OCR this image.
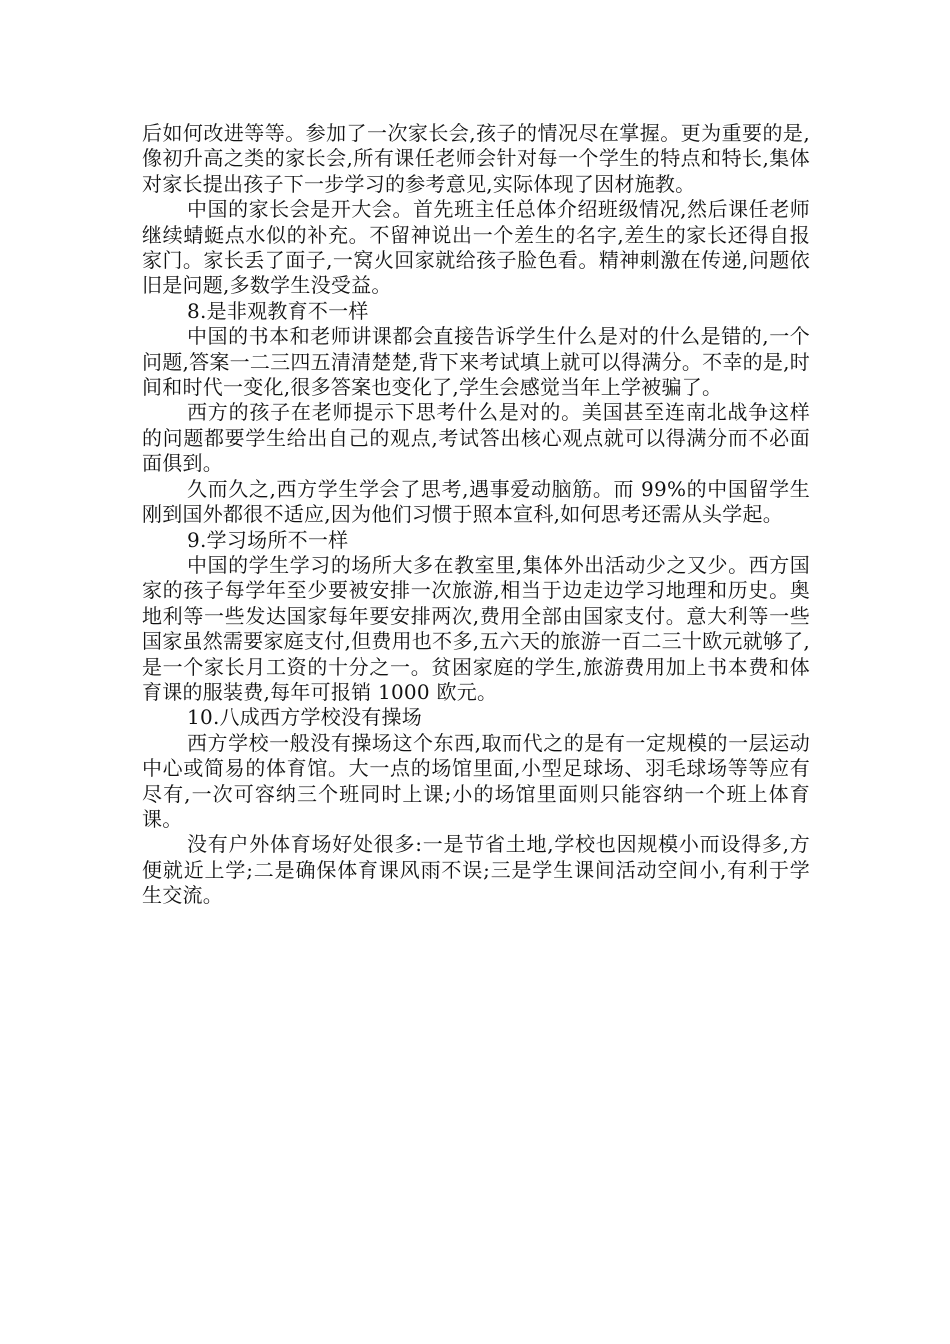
后如何改进等等。参加了一次家长会,孩子的情况尽在掌握。更为重要的是,像初升高之类的家长会,所有课任老师会针对每一个学生的特点和特长,集体对家长提出孩子下一步学习的参考意见,实际体现了因材施教。

中国的家长会是开大会。首先班主任总体介绍班级情况,然后课任老师继续蜻蜓点水似的补充。不留神说出一个差生的名字,差生的家长还得自报家门。家长丢了面子,一窝火回家就给孩子脸色看。精神刺激在传递,问题依旧是问题,多数学生没受益。

8.是非观教育不一样

中国的书本和老师讲课都会直接告诉学生什么是对的什么是错的,一个问题,答案一二三四五清清楚楚,背下来考试填上就可以得满分。不幸的是,时间和时代一变化,很多答案也变化了,学生会感觉当年上学被骗了。

西方的孩子在老师提示下思考什么是对的。美国甚至连南北战争这样的问题都要学生给出自己的观点,考试答出核心观点就可以得满分而不必面面俱到。

久而久之,西方学生学会了思考,遇事爱动脑筋。而 99%的中国留学生刚到国外都很不适应,因为他们习惯于照本宣科,如何思考还需从头学起。

9.学习场所不一样

中国的学生学习的场所大多在教室里,集体外出活动少之又少。西方国家的孩子每学年至少要被安排一次旅游,相当于边走边学习地理和历史。奥地利等一些发达国家每年要安排两次,费用全部由国家支付。意大利等一些国家虽然需要家庭支付,但费用也不多,五六天的旅游一百二三十欧元就够了,是一个家长月工资的十分之一。贫困家庭的学生,旅游费用加上书本费和体育课的服装费,每年可报销 1000 欧元。

10.八成西方学校没有操场

西方学校一般没有操场这个东西,取而代之的是有一定规模的一层运动中心或简易的体育馆。大一点的场馆里面,小型足球场、羽毛球场等等应有尽有,一次可容纳三个班同时上课;小的场馆里面则只能容纳一个班上体育课。

没有户外体育场好处很多:一是节省土地,学校也因规模小而设得多,方便就近上学;二是确保体育课风雨不误;三是学生课间活动空间小,有利于学生交流。
